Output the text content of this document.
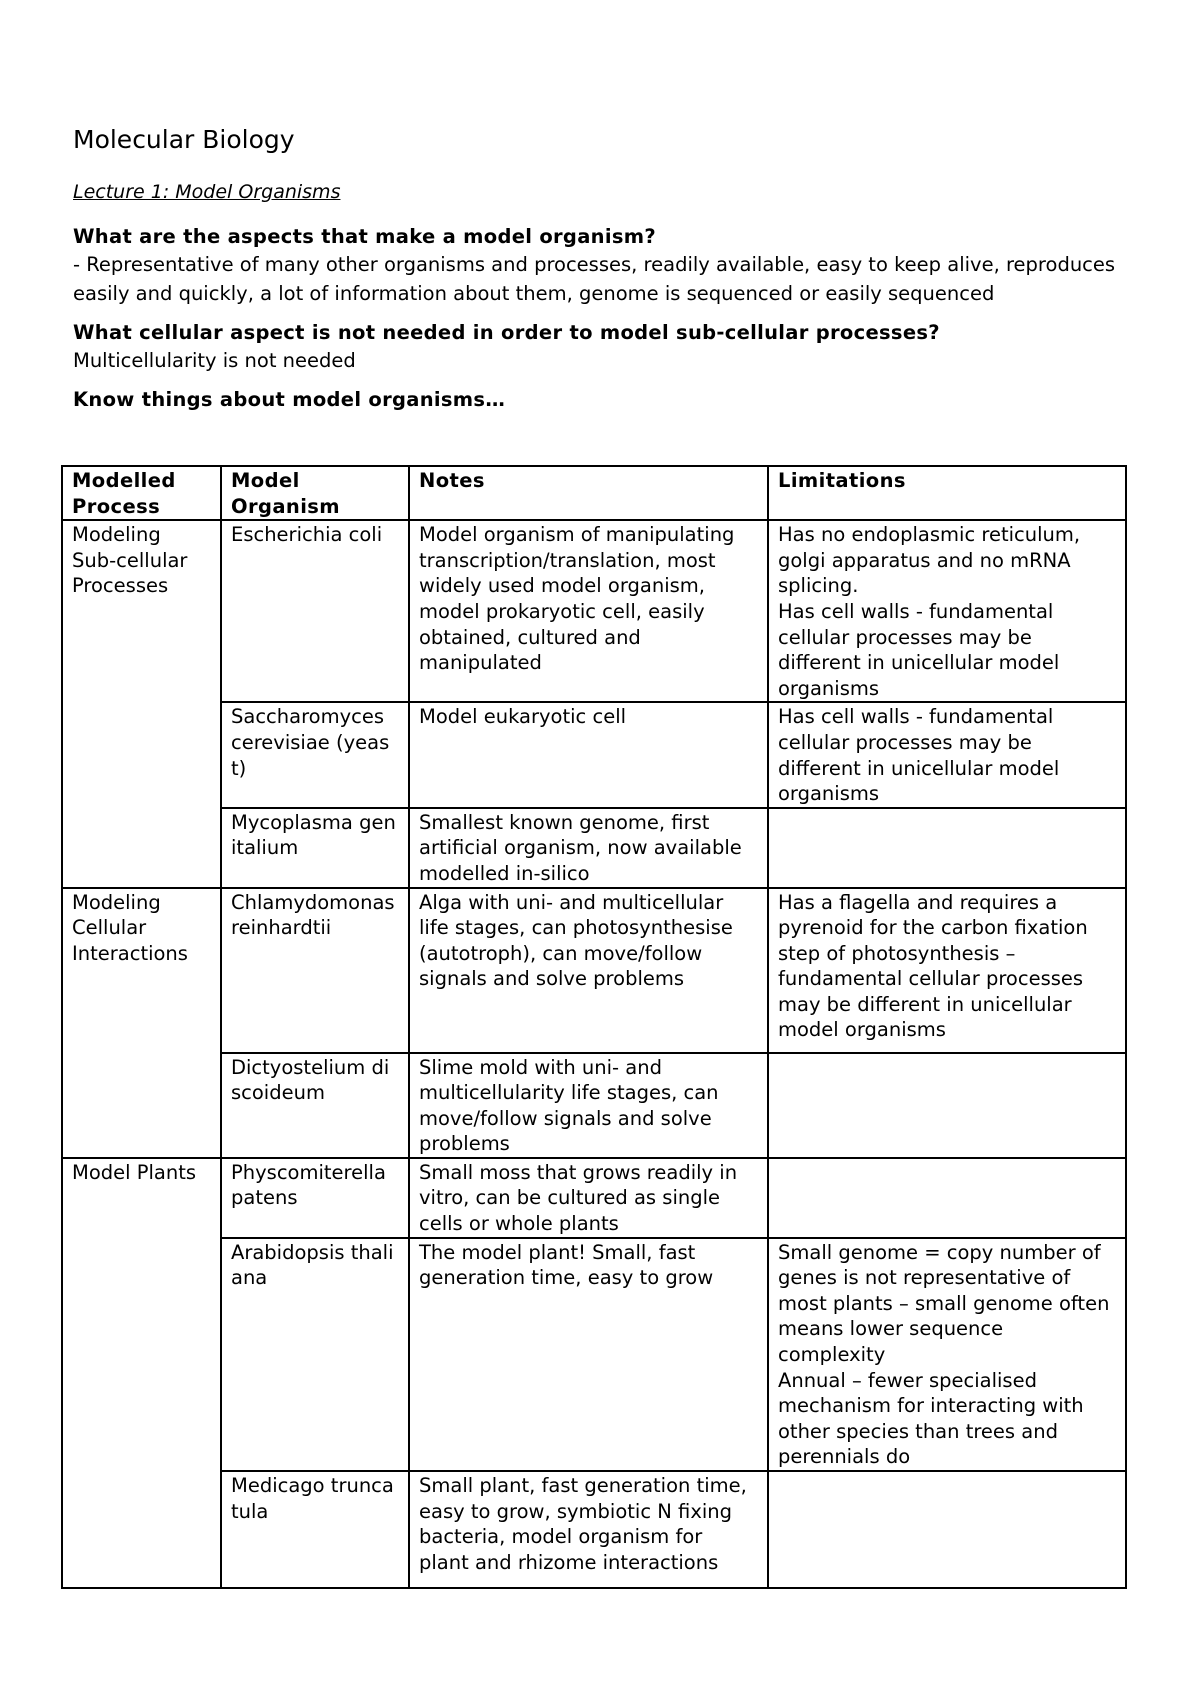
Molecular Biology

Lecture 1: Model Organisms

What are the aspects that make a model organism?

- Representative of many other organisms and processes, readily available, easy to keep alive, reproduces easily and quickly, a lot of information about them, genome is sequenced or easily sequenced

What cellular aspect is not needed in order to model sub-cellular processes?

Multicellularity is not needed

Know things about model organisms…

Modelled Process	Model Organism	Notes	Limitations
Modeling Sub-cellular Processes	Escherichia coli	Model organism of manipulating transcription/translation, most widely used model organism, model prokaryotic cell, easily obtained, cultured and manipulated	Has no endoplasmic reticulum, golgi apparatus and no mRNA splicing.
Has cell walls - fundamental cellular processes may be different in unicellular model organisms
	Saccharomyces cerevisiae (yeast)	Model eukaryotic cell	Has cell walls - fundamental cellular processes may be different in unicellular model organisms
	Mycoplasma genitalium	Smallest known genome, first artificial organism, now available modelled in-silico	
Modeling Cellular Interactions	Chlamydomonas reinhardtii	Alga with uni- and multicellular life stages, can photosynthesise (autotroph), can move/follow signals and solve problems	Has a flagella and requires a pyrenoid for the carbon fixation step of photosynthesis – fundamental cellular processes may be different in unicellular model organisms
	Dictyostelium discoideum	Slime mold with uni- and multicellularity life stages, can move/follow signals and solve problems	
Model Plants	Physcomiterella patens	Small moss that grows readily in vitro, can be cultured as single cells or whole plants	
	Arabidopsis thaliana	The model plant! Small, fast generation time, easy to grow	Small genome = copy number of genes is not representative of most plants – small genome often means lower sequence complexity
Annual – fewer specialised mechanism for interacting with other species than trees and perennials do
	Medicago truncatula	Small plant, fast generation time, easy to grow, symbiotic N fixing bacteria, model organism for plant and rhizome interactions	
